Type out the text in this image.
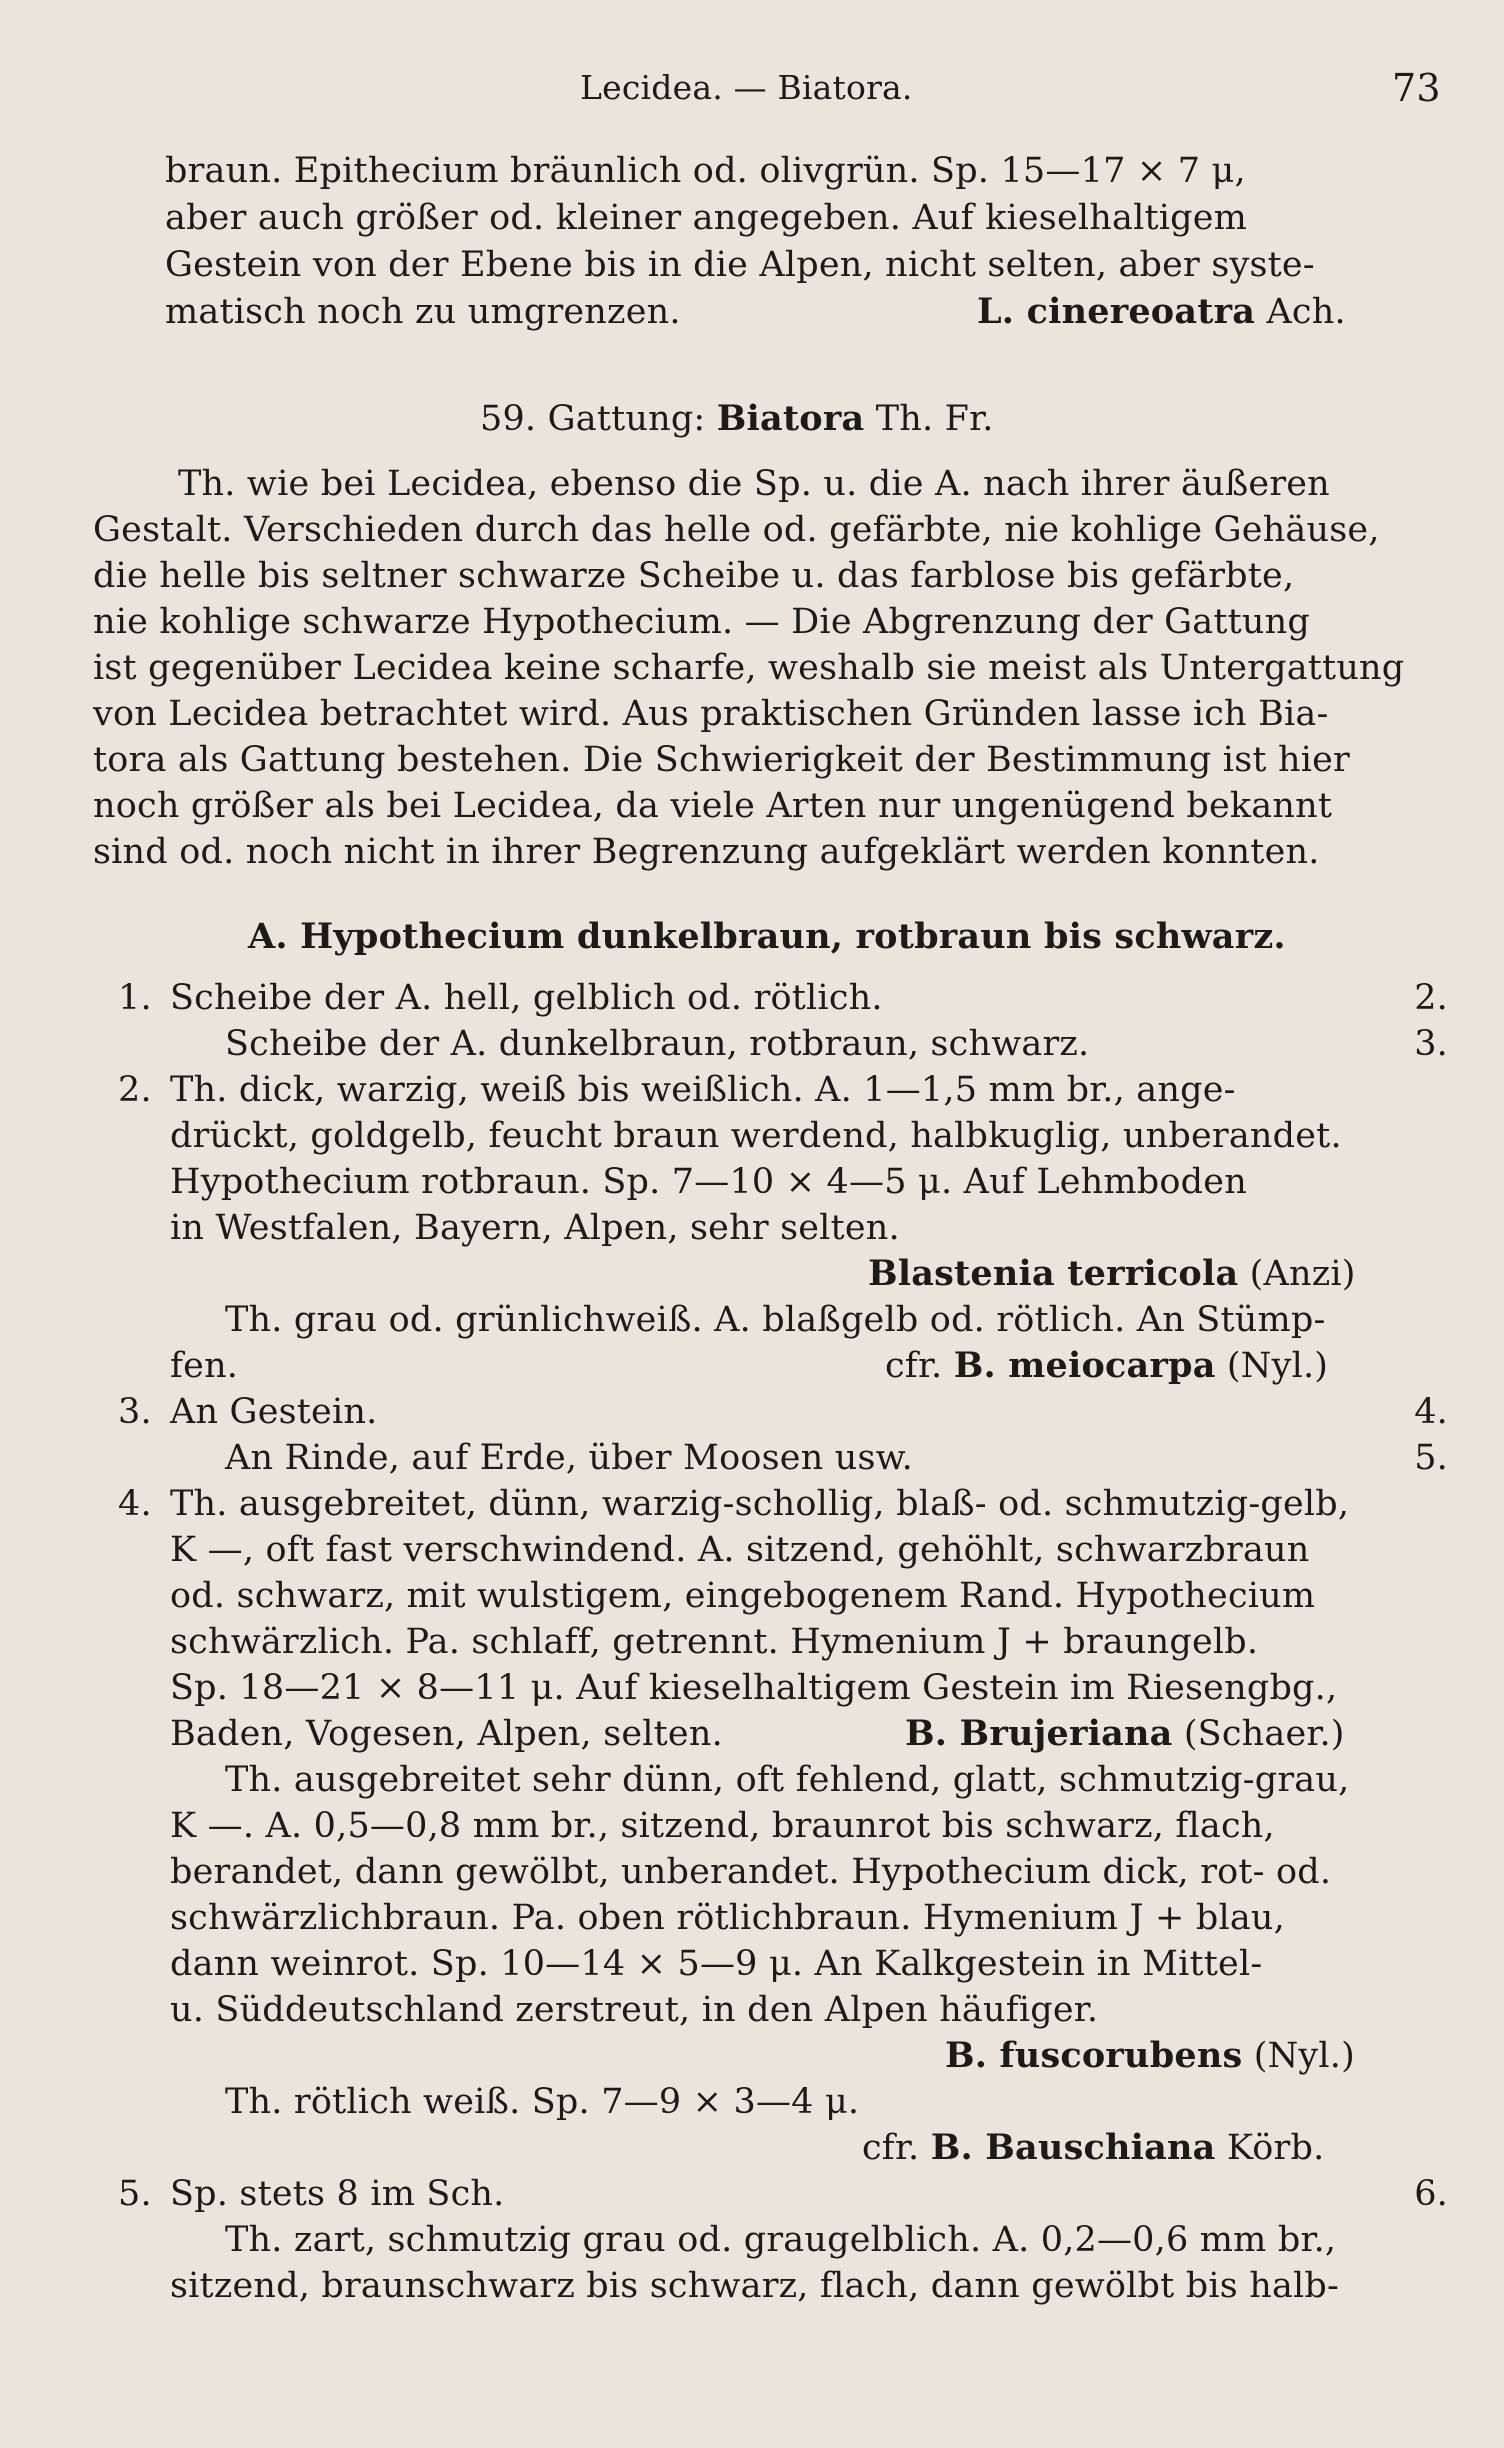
Lecidea. — Biatora.	73
braun. Epithecium bräunlich od. olivgrün. Sp. 15—17 × 7 μ,
aber auch größer od. kleiner angegeben. Auf kieselhaltigem
Gestein von der Ebene bis in die Alpen, nicht selten, aber syste-
matisch noch zu umgrenzen.	L. cinereoatra Ach.
59. Gattung: Biatora Th. Fr.
Th. wie bei Lecidea, ebenso die Sp. u. die A. nach ihrer äußeren
Gestalt. Verschieden durch das helle od. gefärbte, nie kohlige Gehäuse,
die helle bis seltner schwarze Scheibe u. das farblose bis gefärbte,
nie kohlige schwarze Hypothecium. — Die Abgrenzung der Gattung
ist gegenüber Lecidea keine scharfe, weshalb sie meist als Untergattung
von Lecidea betrachtet wird. Aus praktischen Gründen lasse ich Bia-
tora als Gattung bestehen. Die Schwierigkeit der Bestimmung ist hier
noch größer als bei Lecidea, da viele Arten nur ungenügend bekannt
sind od. noch nicht in ihrer Begrenzung aufgeklärt werden konnten.
A. Hypothecium dunkelbraun, rotbraun bis schwarz.
1. Scheibe der A. hell, gelblich od. rötlich.	2.
Scheibe der A. dunkelbraun, rotbraun, schwarz.	3.
2. Th. dick, warzig, weiß bis weißlich. A. 1—1,5 mm br., ange-
drückt, goldgelb, feucht braun werdend, halbkuglig, unberandet.
Hypothecium rotbraun. Sp. 7—10 × 4—5 μ. Auf Lehmboden
in Westfalen, Bayern, Alpen, sehr selten.
Blastenia terricola (Anzi)
Th. grau od. grünlichweiß. A. blaßgelb od. rötlich. An Stümp-
fen.	cfr. B. meiocarpa (Nyl.)
3. An Gestein.	4.
An Rinde, auf Erde, über Moosen usw.	5.
4. Th. ausgebreitet, dünn, warzig-schollig, blaß- od. schmutzig-gelb,
K —, oft fast verschwindend. A. sitzend, gehöhlt, schwarzbraun
od. schwarz, mit wulstigem, eingebogenem Rand. Hypothecium
schwärzlich. Pa. schlaff, getrennt. Hymenium J + braungelb.
Sp. 18—21 × 8—11 μ. Auf kieselhaltigem Gestein im Riesengbg.,
Baden, Vogesen, Alpen, selten.	B. Brujeriana (Schaer.)
Th. ausgebreitet sehr dünn, oft fehlend, glatt, schmutzig-grau,
K —. A. 0,5—0,8 mm br., sitzend, braunrot bis schwarz, flach,
berandet, dann gewölbt, unberandet. Hypothecium dick, rot- od.
schwärzlichbraun. Pa. oben rötlichbraun. Hymenium J + blau,
dann weinrot. Sp. 10—14 × 5—9 μ. An Kalkgestein in Mittel-
u. Süddeutschland zerstreut, in den Alpen häufiger.
B. fuscorubens (Nyl.)
Th. rötlich weiß. Sp. 7—9 × 3—4 μ.
cfr. B. Bauschiana Körb.
5. Sp. stets 8 im Sch.	6.
Th. zart, schmutzig grau od. graugelblich. A. 0,2—0,6 mm br.,
sitzend, braunschwarz bis schwarz, flach, dann gewölbt bis halb-
